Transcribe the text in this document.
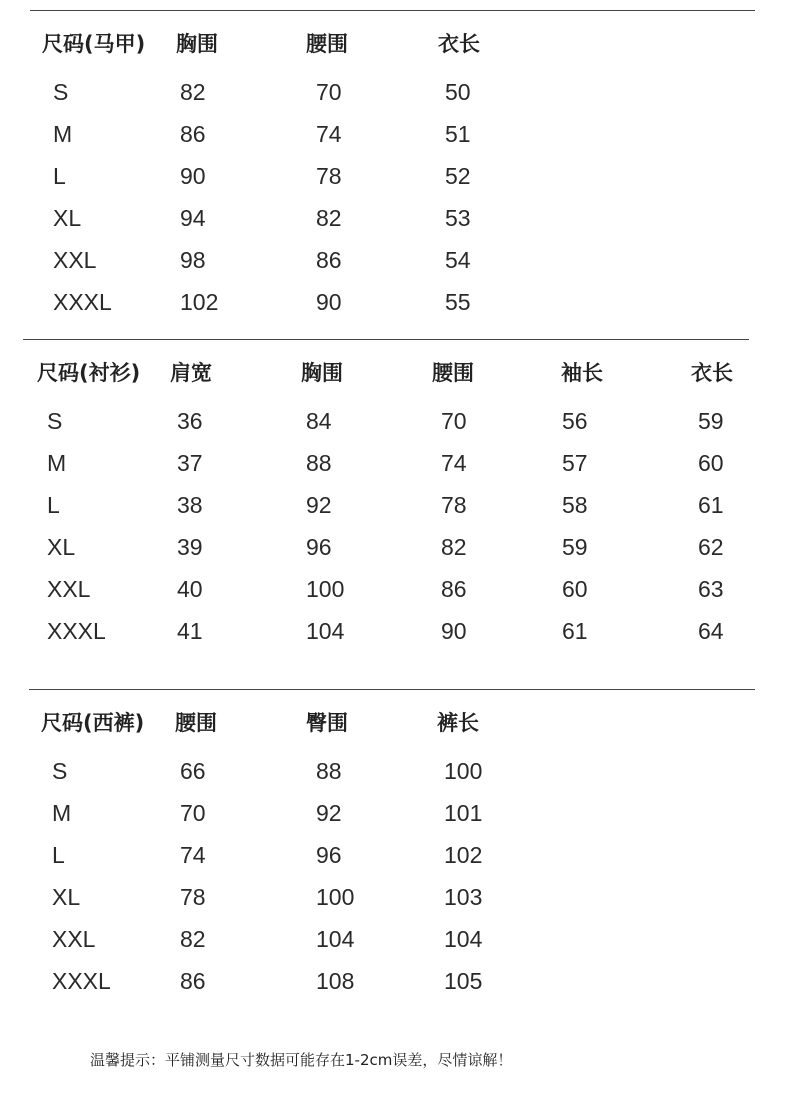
尺码(马甲) 胸围	腰围	衣长
S	82	70	50
M	86	74	51
L	90	78	52
XL	94	82	53
XXL	98	86	54
XXXL	102	90	55
尺码(衬衫) 肩宽	胸围	腰围	袖长	衣长
S	36	84	70	56	59
M	37	88	74	57	60
L	38	92	78	58	61
XL	39	96	82	59	62
XXL	40	100	86	60	63
XXXL	41	104	90	61	64
尺码(西裤) 腰围	臀围	裤长
S	66	88	100
M	70	92	101
L	74	96	102
XL	78	100	103
XXL	82	104	104
XXXL	86	108	105
温馨提示：平铺测量尺寸数据可能存在1-2cm误差，尽情谅解！
